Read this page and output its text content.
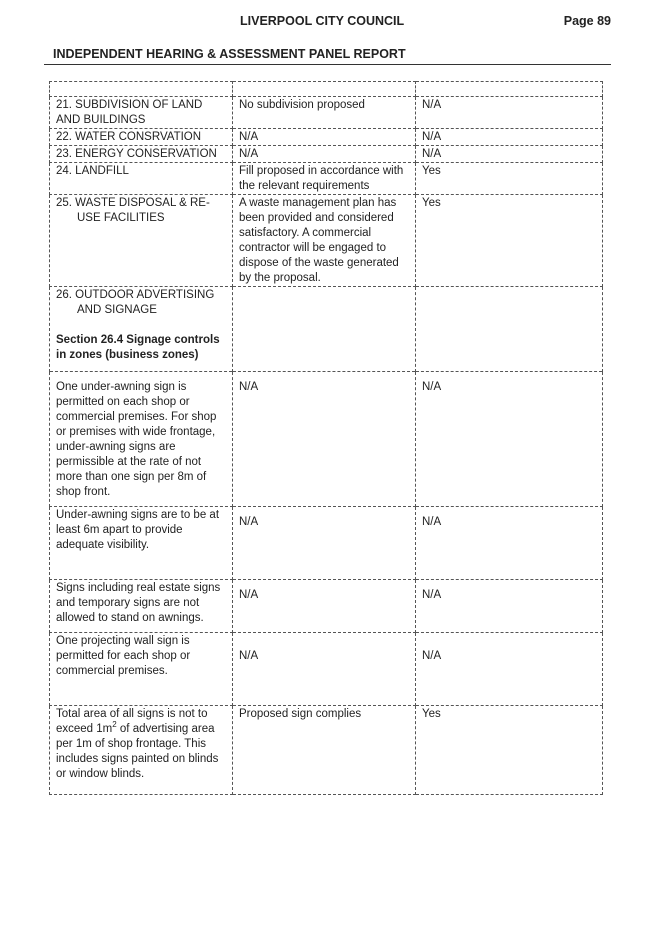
LIVERPOOL CITY COUNCIL	Page 89
INDEPENDENT HEARING & ASSESSMENT PANEL REPORT

21. SUBDIVISION OF LAND AND BUILDINGS	No subdivision proposed	N/A
22. WATER CONSRVATION	N/A	N/A

23. ENERGY CONSERVATION	N/A	N/A
24. LANDFILL	Fill proposed in accordance with the relevant requirements	Yes

25. WASTE DISPOSAL & RE-USE FACILITIES	A waste management plan has been provided and considered satisfactory. A commercial contractor will be engaged to dispose of the waste generated by the proposal.	Yes

26. OUTDOOR ADVERTISING AND SIGNAGE
Section 26.4 Signage controls in zones (business zones)		
One under-awning sign is permitted on each shop or commercial premises. For shop or premises with wide frontage, under-awning signs are permissible at the rate of not more than one sign per 8m of shop front.	N/A	N/A
Under-awning signs are to be at least 6m apart to provide adequate visibility.	N/A	N/A
Signs including real estate signs and temporary signs are not allowed to stand on awnings.	N/A	N/A
One projecting wall sign is permitted for each shop or commercial premises.	N/A	N/A
Total area of all signs is not to exceed $1m^2$ of advertising area per 1m of shop frontage. This includes signs painted on blinds or window blinds.	Proposed sign complies	Yes
